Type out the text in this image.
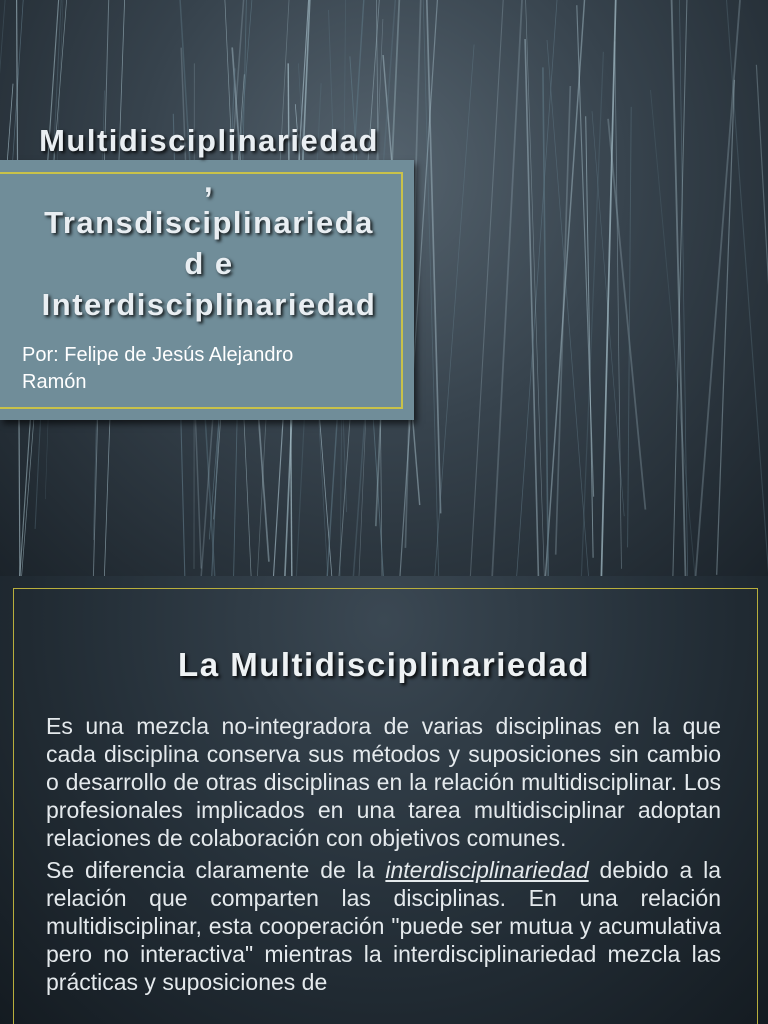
Multidisciplinariedad
,
Transdisciplinarieda
d e
Interdisciplinariedad
Por: Felipe de Jesús Alejandro
Ramón
La Multidisciplinariedad

Es una mezcla no-integradora de varias disciplinas en la que cada disciplina conserva sus métodos y suposiciones sin cambio o desarrollo de otras disciplinas en la relación multidisciplinar. Los profesionales implicados en una tarea multidisciplinar adoptan relaciones de colaboración con objetivos comunes.

Se diferencia claramente de la interdisciplinariedad debido a la relación que comparten las disciplinas. En una relación multidisciplinar, esta cooperación "puede ser mutua y acumulativa pero no interactiva" mientras la interdisciplinariedad mezcla las prácticas y suposiciones de
